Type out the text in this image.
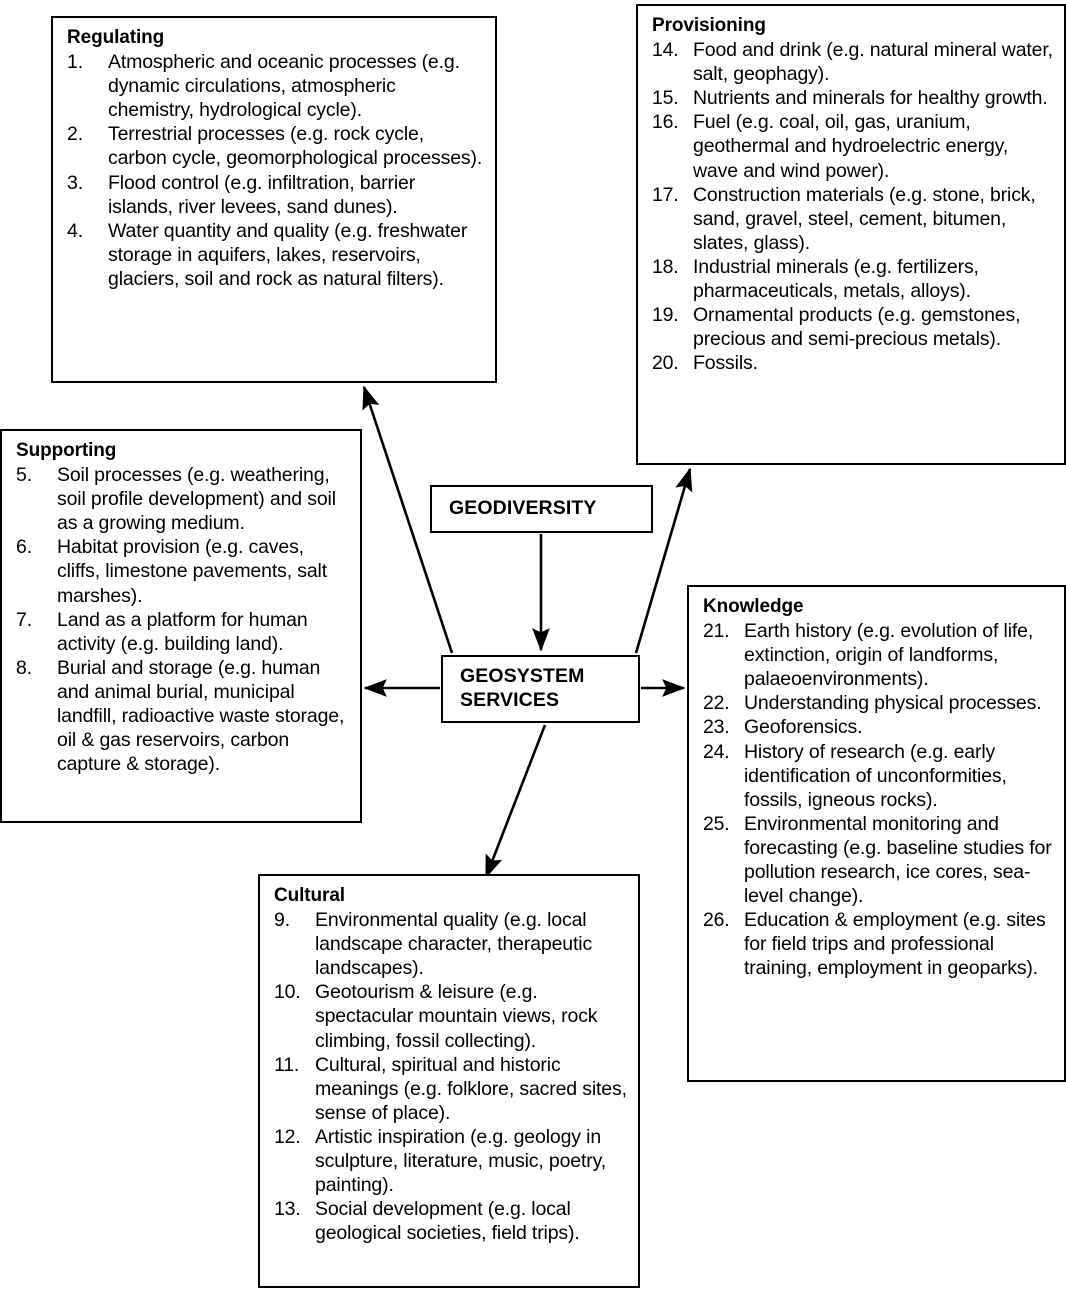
Regulating
1.	Atmospheric and oceanic processes (e.g. dynamic circulations, atmospheric chemistry, hydrological cycle).
2.	Terrestrial processes (e.g. rock cycle, carbon cycle, geomorphological processes).
3.	Flood control (e.g. infiltration, barrier islands, river levees, sand dunes).
4.	Water quantity and quality (e.g. freshwater storage in aquifers, lakes, reservoirs, glaciers, soil and rock as natural filters).
Provisioning
14. Food and drink (e.g. natural mineral water, salt, geophagy).
15. Nutrients and minerals for healthy growth.
16. Fuel (e.g. coal, oil, gas, uranium, geothermal and hydroelectric energy, wave and wind power).
17. Construction materials (e.g. stone, brick, sand, gravel, steel, cement, bitumen, slates, glass).
18. Industrial minerals (e.g. fertilizers, pharmaceuticals, metals, alloys).
19. Ornamental products (e.g. gemstones, precious and semi-precious metals).
20. Fossils.
Supporting
5.	Soil processes (e.g. weathering, soil profile development) and soil as a growing medium.
6.	Habitat provision (e.g. caves, cliffs, limestone pavements, salt marshes).
7.	Land as a platform for human activity (e.g. building land).
8.	Burial and storage (e.g. human and animal burial, municipal landfill, radioactive waste storage, oil & gas reservoirs, carbon capture & storage).
Knowledge
21. Earth history (e.g. evolution of life, extinction, origin of landforms, palaeoenvironments).
22. Understanding physical processes.
23. Geoforensics.
24. History of research (e.g. early identification of unconformities, fossils, igneous rocks).
25. Environmental monitoring and forecasting (e.g. baseline studies for pollution research, ice cores, sea-level change).
26. Education & employment (e.g. sites for field trips and professional training, employment in geoparks).
Cultural
9.	Environmental quality (e.g. local landscape character, therapeutic landscapes).
10. Geotourism & leisure (e.g. spectacular mountain views, rock climbing, fossil collecting).
11. Cultural, spiritual and historic meanings (e.g. folklore, sacred sites, sense of place).
12. Artistic inspiration (e.g. geology in sculpture, literature, music, poetry, painting).
13. Social development (e.g. local geological societies, field trips).
GEODIVERSITY
GEOSYSTEM
SERVICES
